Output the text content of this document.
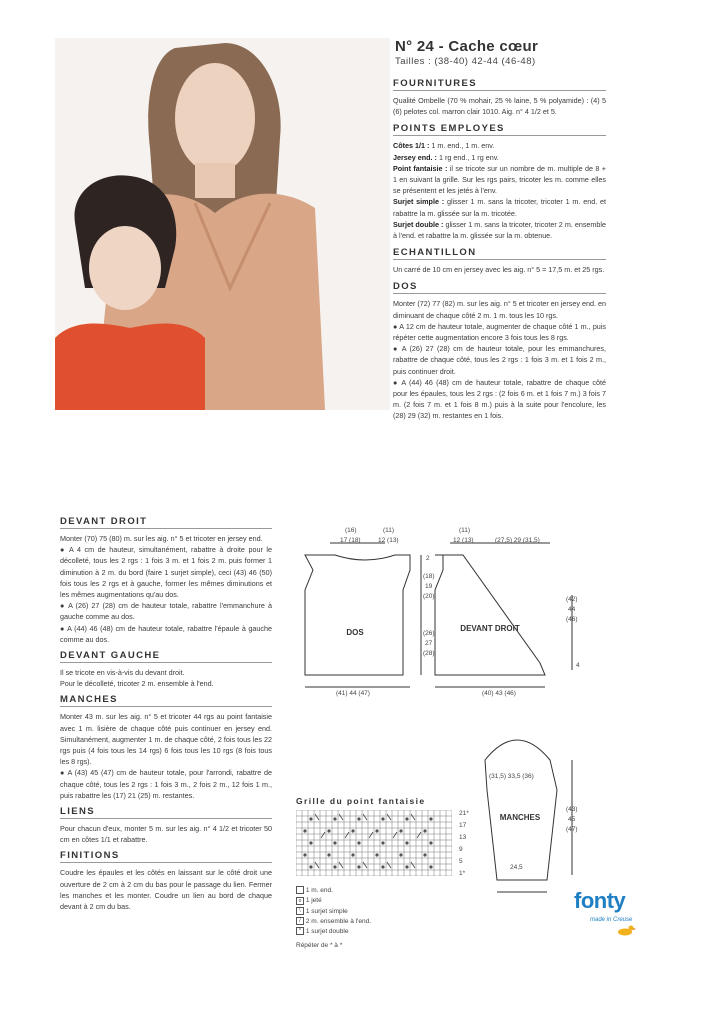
N° 24 - Cache cœur
Tailles : (38-40) 42-44 (46-48)
FOURNITURES
Qualité Ombelle (70 % mohair, 25 % laine, 5 % polyamide) : (4) 5 (6) pelotes col. marron clair 1010. Aig. n° 4 1/2 et 5.
POINTS EMPLOYES
Côtes 1/1 : 1 m. end., 1 m. env.
Jersey end. : 1 rg end., 1 rg env.
Point fantaisie : il se tricote sur un nombre de m. multiple de 8 + 1 en suivant la grille. Sur les rgs pairs, tricoter les m. comme elles se présentent et les jetés à l'env.
Surjet simple : glisser 1 m. sans la tricoter, tricoter 1 m. end. et rabattre la m. glissée sur la m. tricotée.
Surjet double : glisser 1 m. sans la tricoter, tricoter 2 m. ensemble à l'end. et rabattre la m. glissée sur la m. obtenue.
ECHANTILLON
Un carré de 10 cm en jersey avec les aig. n° 5 = 17,5 m. et 25 rgs.
DOS
Monter (72) 77 (82) m. sur les aig. n° 5 et tricoter en jersey end. en diminuant de chaque côté 2 m. 1 m. tous les 10 rgs.
● A 12 cm de hauteur totale, augmenter de chaque côté 1 m., puis répéter cette augmentation encore 3 fois tous les 8 rgs.
● A (26) 27 (28) cm de hauteur totale, pour les emmanchures, rabattre de chaque côté, tous les 2 rgs : 1 fois 3 m. et 1 fois 2 m., puis continuer droit.
● A (44) 46 (48) cm de hauteur totale, rabattre de chaque côté pour les épaules, tous les 2 rgs : (2 fois 6 m. et 1 fois 7 m.) 3 fois 7 m. (2 fois 7 m. et 1 fois 8 m.) puis à la suite pour l'encolure, les (28) 29 (32) m. restantes en 1 fois.
DEVANT DROIT
Monter (70) 75 (80) m. sur les aig. n° 5 et tricoter en jersey end.
● A 4 cm de hauteur, simultanément, rabattre à droite pour le décolleté, tous les 2 rgs : 1 fois 3 m. et 1 fois 2 m. puis former 1 diminution à 2 m. du bord (faire 1 surjet simple), ceci (43) 46 (50) fois tous les 2 rgs et à gauche, former les mêmes diminutions et les mêmes augmentations qu'au dos.
● A (26) 27 (28) cm de hauteur totale, rabattre l'emmanchure à gauche comme au dos.
● A (44) 46 (48) cm de hauteur totale, rabattre l'épaule à gauche comme au dos.
DEVANT GAUCHE
Il se tricote en vis-à-vis du devant droit.
Pour le décolleté, tricoter 2 m. ensemble à l'end.
MANCHES
Monter 43 m. sur les aig. n° 5 et tricoter 44 rgs au point fantaisie avec 1 m. lisière de chaque côté puis continuer en jersey end. Simultanément, augmenter 1 m. de chaque côté, 2 fois tous les 22 rgs puis (4 fois tous les 14 rgs) 6 fois tous les 10 rgs (8 fois tous les 8 rgs).
● A (43) 45 (47) cm de hauteur totale, pour l'arrondi, rabattre de chaque côté, tous les 2 rgs : 1 fois 3 m., 2 fois 2 m., 12 fois 1 m., puis rabattre les (17) 21 (25) m. restantes.
LIENS
Pour chacun d'eux, monter 5 m. sur les aig. n° 4 1/2 et tricoter 50 cm en côtes 1/1 et rabattre.
FINITIONS
Coudre les épaules et les côtés en laissant sur le côté droit une ouverture de 2 cm à 2 cm du bas pour le passage du lien. Fermer les manches et les monter. Coudre un lien au bord de chaque devant à 2 cm du bas.
DOS	DEVANT DROIT
MANCHES
(16)	(11)
17 (18)	12 (13)
2
(18)
19
(20)
(26)
27
(28)
(41) 44 (47)
(11)
12 (13)	(27,5) 29 (31,5)
(42)
44
(46)
4
(40) 43 (46)
(31,5) 33,5 (36)
(43)
45
(47)
24,5
Grille du point fantaisie
21*
17
13
9
5
1*
1 m. end.
o 1 jeté
\ 1 surjet simple
/ 2 m. ensemble à l'end.
^ 1 surjet double
Répéter de * à *
fonty
made in Creuse
